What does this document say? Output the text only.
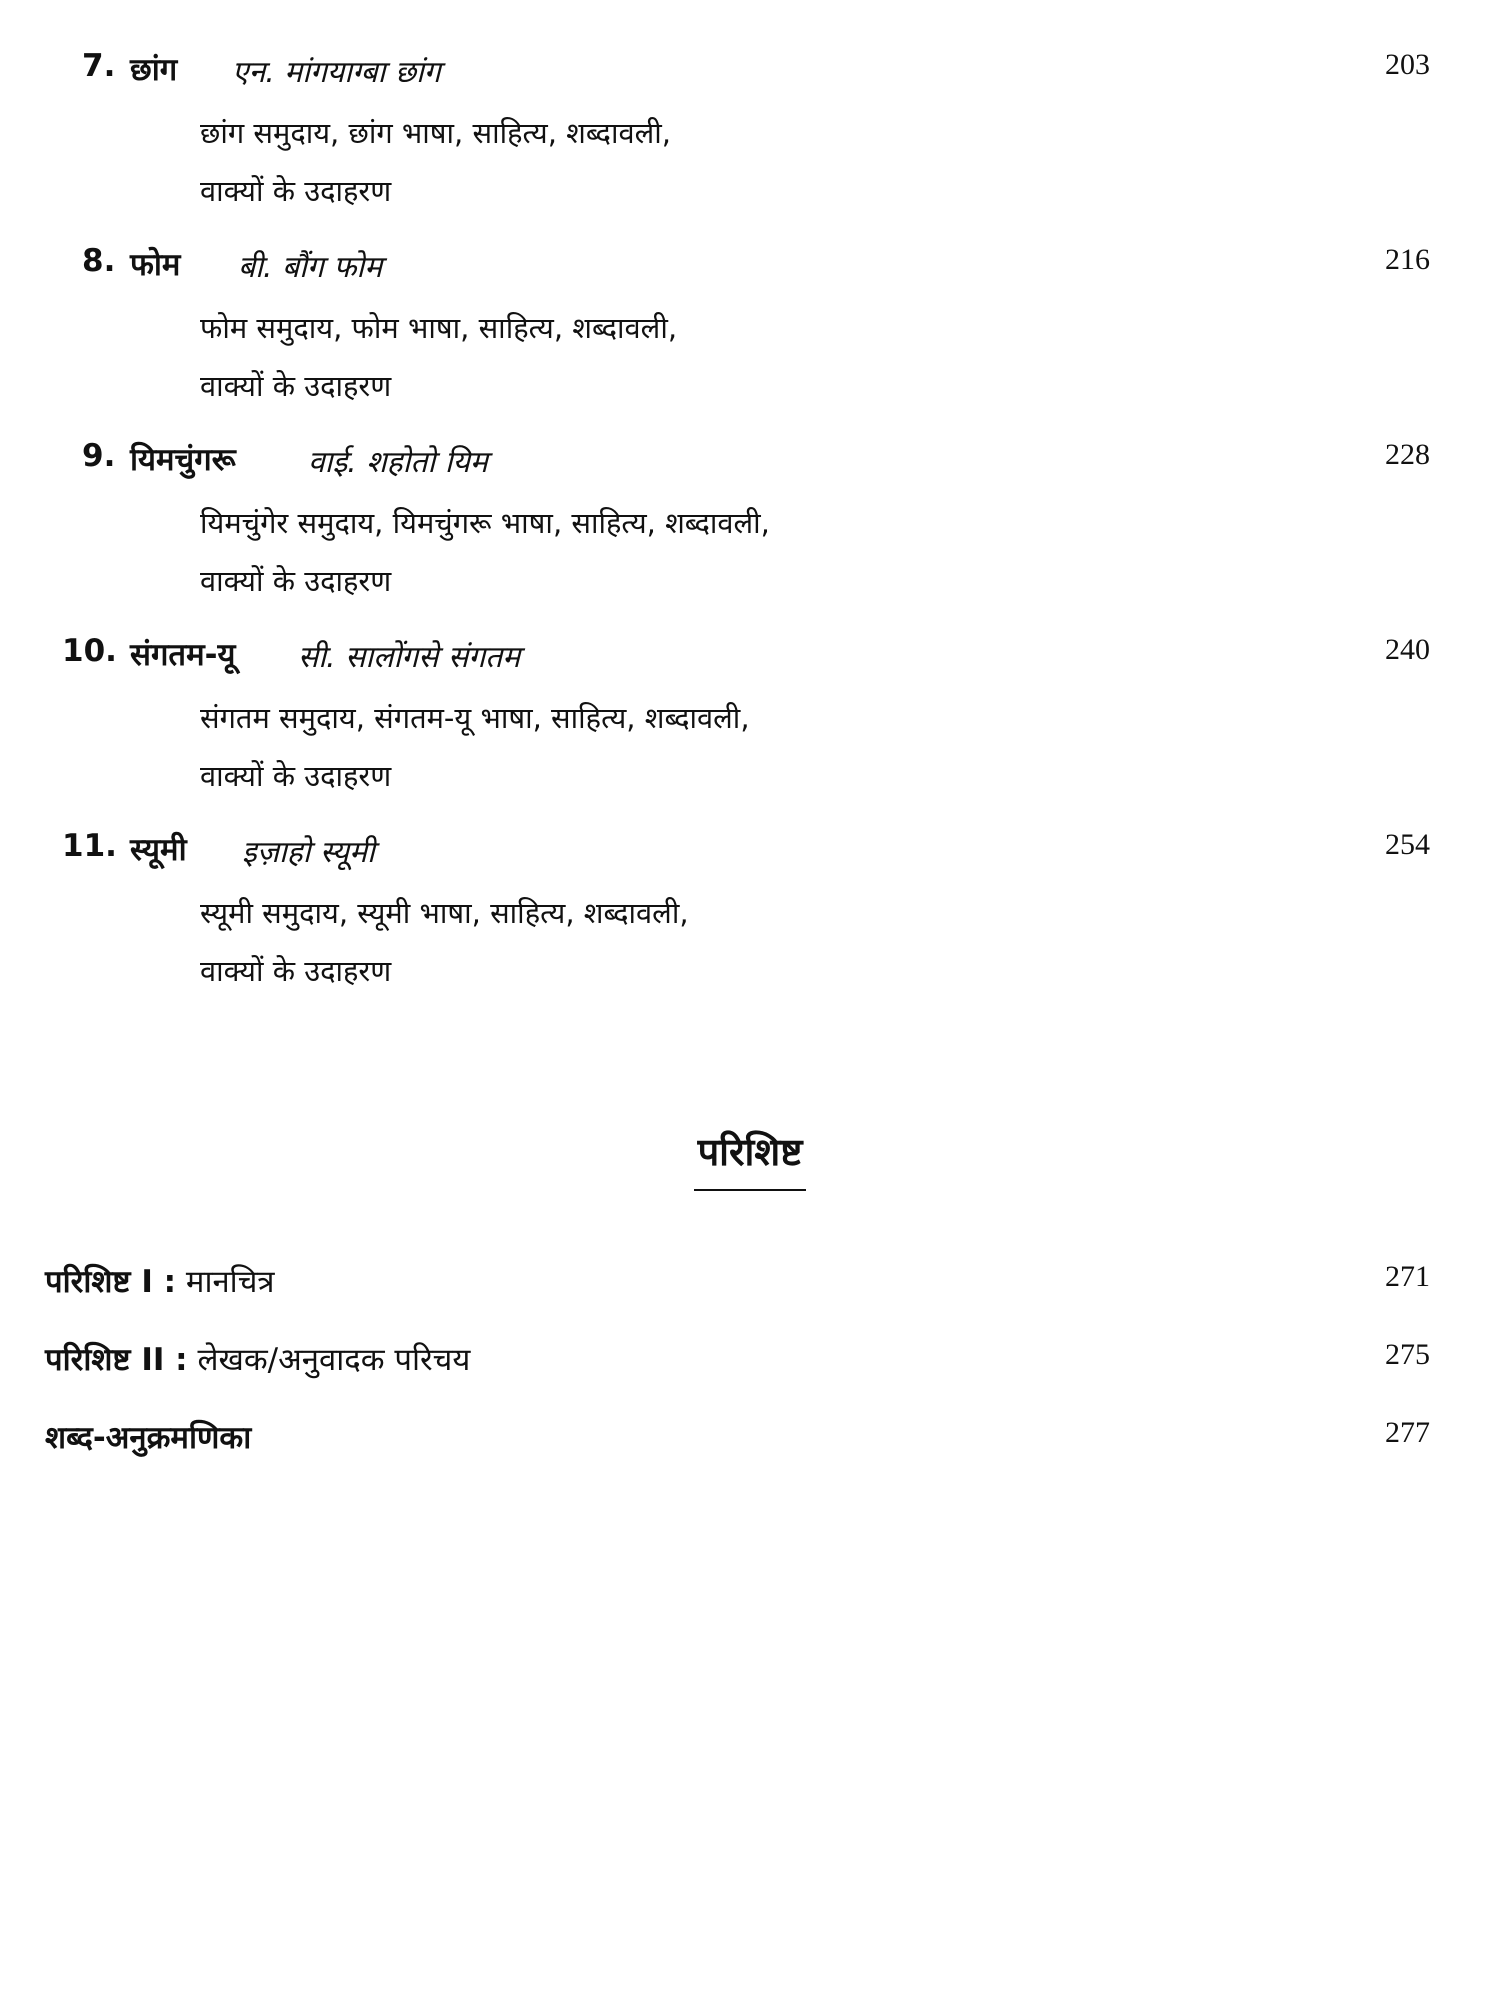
7. छांग एन. मांगयाग्बा छांग	203
छांग समुदाय, छांग भाषा, साहित्य, शब्दावली,
वाक्यों के उदाहरण
8. फोम बी. बौंग फोम	216
फोम समुदाय, फोम भाषा, साहित्य, शब्दावली,
वाक्यों के उदाहरण
9. यिमचुंगरू वाई. शहोतो यिम	228
यिमचुंगेर समुदाय, यिमचुंगरू भाषा, साहित्य, शब्दावली,
वाक्यों के उदाहरण
10. संगतम-यू सी. सालोंगसे संगतम	240
संगतम समुदाय, संगतम-यू भाषा, साहित्य, शब्दावली,
वाक्यों के उदाहरण
11. स्यूमी इज़ाहो स्यूमी	254
स्यूमी समुदाय, स्यूमी भाषा, साहित्य, शब्दावली,
वाक्यों के उदाहरण
परिशिष्ट
परिशिष्ट I : मानचित्र	271
परिशिष्ट II : लेखक/अनुवादक परिचय	275
शब्द-अनुक्रमणिका	277
